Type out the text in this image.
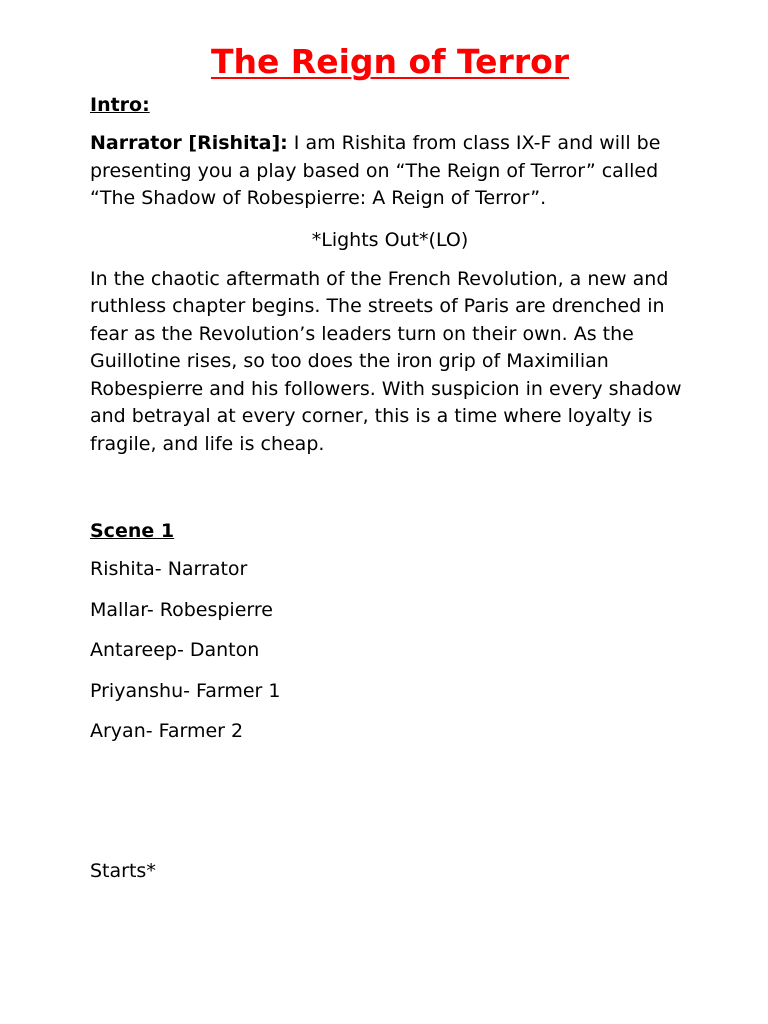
The Reign of Terror
Intro:

Narrator [Rishita]: I am Rishita from class IX-F and will be presenting you a play based on “The Reign of Terror” called “The Shadow of Robespierre: A Reign of Terror”.

*Lights Out*(LO)

In the chaotic aftermath of the French Revolution, a new and ruthless chapter begins. The streets of Paris are drenched in fear as the Revolution’s leaders turn on their own. As the Guillotine rises, so too does the iron grip of Maximilian Robespierre and his followers. With suspicion in every shadow and betrayal at every corner, this is a time where loyalty is fragile, and life is cheap.

Scene 1
Rishita- Narrator
Mallar- Robespierre
Antareep- Danton
Priyanshu- Farmer 1
Aryan- Farmer 2
Starts*
